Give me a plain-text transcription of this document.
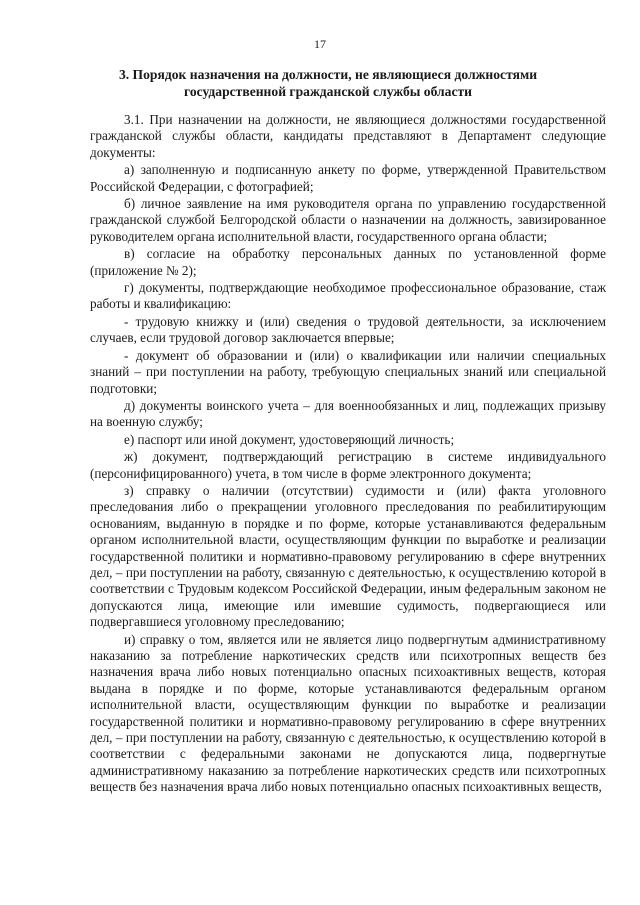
17
3. Порядок назначения на должности, не являющиеся должностями государственной гражданской службы области

3.1. При назначении на должности, не являющиеся должностями государственной гражданской службы области, кандидаты представляют в Департамент следующие документы:

а) заполненную и подписанную анкету по форме, утвержденной Правительством Российской Федерации, с фотографией;

б) личное заявление на имя руководителя органа по управлению государственной гражданской службой Белгородской области о назначении на должность, завизированное руководителем органа исполнительной власти, государственного органа области;

в) согласие на обработку персональных данных по установленной форме (приложение № 2);

г) документы, подтверждающие необходимое профессиональное образование, стаж работы и квалификацию:

- трудовую книжку и (или) сведения о трудовой деятельности, за исключением случаев, если трудовой договор заключается впервые;

- документ об образовании и (или) о квалификации или наличии специальных знаний – при поступлении на работу, требующую специальных знаний или специальной подготовки;

д) документы воинского учета – для военнообязанных и лиц, подлежащих призыву на военную службу;

е) паспорт или иной документ, удостоверяющий личность;

ж) документ, подтверждающий регистрацию в системе индивидуального (персонифицированного) учета, в том числе в форме электронного документа;

з) справку о наличии (отсутствии) судимости и (или) факта уголовного преследования либо о прекращении уголовного преследования по реабилитирующим основаниям, выданную в порядке и по форме, которые устанавливаются федеральным органом исполнительной власти, осуществляющим функции по выработке и реализации государственной политики и нормативно-правовому регулированию в сфере внутренних дел, – при поступлении на работу, связанную с деятельностью, к осуществлению которой в соответствии с Трудовым кодексом Российской Федерации, иным федеральным законом не допускаются лица, имеющие или имевшие судимость, подвергающиеся или подвергавшиеся уголовному преследованию;

и) справку о том, является или не является лицо подвергнутым административному наказанию за потребление наркотических средств или психотропных веществ без назначения врача либо новых потенциально опасных психоактивных веществ, которая выдана в порядке и по форме, которые устанавливаются федеральным органом исполнительной власти, осуществляющим функции по выработке и реализации государственной политики и нормативно-правовому регулированию в сфере внутренних дел, – при поступлении на работу, связанную с деятельностью, к осуществлению которой в соответствии с федеральными законами не допускаются лица, подвергнутые административному наказанию за потребление наркотических средств или психотропных веществ без назначения врача либо новых потенциально опасных психоактивных веществ,
